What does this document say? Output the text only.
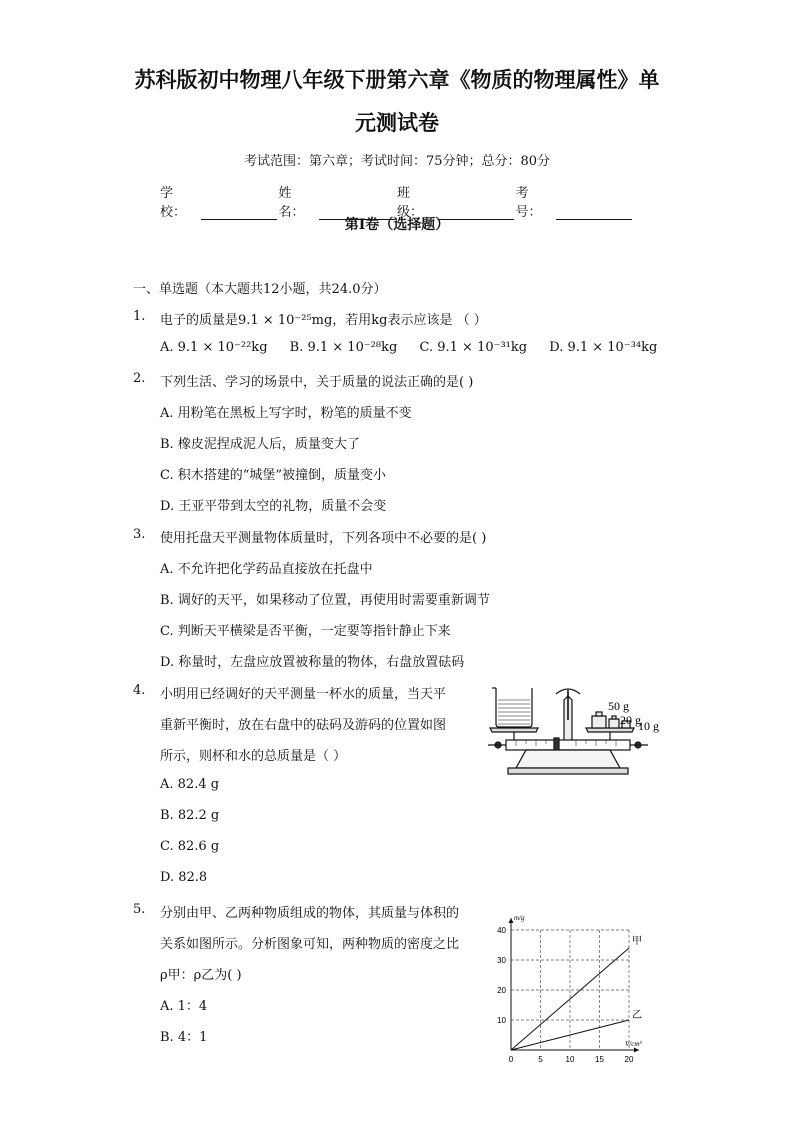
苏科版初中物理八年级下册第六章《物质的物理属性》单
元测试卷
考试范围：第六章；考试时间：75分钟；总分：80分
学校：
姓名：
班级：
考号：
第I卷（选择题）
一、单选题（本大题共12小题，共24.0分）
1.	电子的质量是9.1 × 10⁻²⁵mg，若用kg表示应该是 （ ）
A. 9.1 × 10⁻²²kg B. 9.1 × 10⁻²⁸kg C. 9.1 × 10⁻³¹kg D. 9.1 × 10⁻³⁴kg
2.	下列生活、学习的场景中，关于质量的说法正确的是( )
A. 用粉笔在黑板上写字时，粉笔的质量不变
B. 橡皮泥捏成泥人后，质量变大了
C. 积木搭建的“城堡”被撞倒，质量变小
D. 王亚平带到太空的礼物，质量不会变
3.	使用托盘天平测量物体质量时，下列各项中不必要的是( )
A. 不允许把化学药品直接放在托盘中
B. 调好的天平，如果移动了位置，再使用时需要重新调节
C. 判断天平横梁是否平衡，一定要等指针静止下来
D. 称量时，左盘应放置被称量的物体，右盘放置砝码
4.	小明用已经调好的天平测量一杯水的质量，当天平
重新平衡时，放在右盘中的砝码及游码的位置如图
所示，则杯和水的总质量是（ ）
A. 82.4 g
B. 82.2 g
C. 82.6 g
D. 82.8
50 g
20 g
10 g
5.	分别由甲、乙两种物质组成的物体，其质量与体积的
关系如图所示。分析图象可知，两种物质的密度之比
ρ甲：ρ乙为( )
A. 1：4
B. 4：1
0	5	10	15	20
10
20
30
40
m/g
V/cm³
甲
乙
